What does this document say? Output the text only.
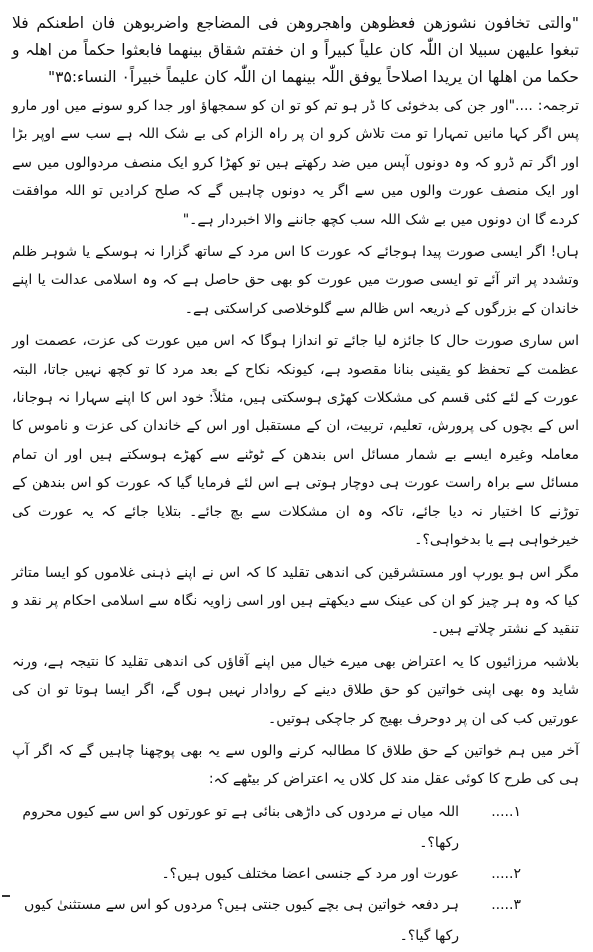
"والتی تخافون نشوزھن فعظوھن واھجروھن فی المضاجع واضربوھن فان اطعنکم فلا تبغوا علیھن سبیلا ان اللّٰہ کان علیاً کبیراً و ان خفتم شقاق بینھما فابعثوا حکماً من اھلہ و حکما من اھلھا ان یریدا اصلاحاً یوفق اللّٰہ بینھما ان اللّٰہ کان علیماً خبیراً۰ النساء:۳۵"

ترجمہ: ...."اور جن کی بدخوئی کا ڈر ہو تم کو تو ان کو سمجھاؤ اور جدا کرو سونے میں اور مارو پس اگر کہا مانیں تمہارا تو مت تلاش کرو ان پر راہ الزام کی بے شک اللہ ہے سب سے اوپر بڑا اور اگر تم ڈرو کہ وہ دونوں آپس میں ضد رکھتے ہیں تو کھڑا کرو ایک منصف مردوالوں میں سے اور ایک منصف عورت والوں میں سے اگر یہ دونوں چاہیں گے کہ صلح کرادیں تو اللہ موافقت کردے گا ان دونوں میں بے شک اللہ سب کچھ جاننے والا اخبردار ہے۔"

ہاں! اگر ایسی صورت پیدا ہوجائے کہ عورت کا اس مرد کے ساتھ گزارا نہ ہوسکے یا شوہر ظلم وتشدد پر اتر آئے تو ایسی صورت میں عورت کو بھی حق حاصل ہے کہ وہ اسلامی عدالت یا اپنے خاندان کے بزرگوں کے ذریعہ اس ظالم سے گلوخلاصی کراسکتی ہے۔

اس ساری صورت حال کا جائزہ لیا جائے تو اندازا ہوگا کہ اس میں عورت کی عزت، عصمت اور عظمت کے تحفظ کو یقینی بنانا مقصود ہے، کیونکہ نکاح کے بعد مرد کا تو کچھ نہیں جاتا، البتہ عورت کے لئے کئی قسم کی مشکلات کھڑی ہوسکتی ہیں، مثلاً: خود اس کا اپنے سہارا نہ ہوجانا، اس کے بچوں کی پرورش، تعلیم، تربیت، ان کے مستقبل اور اس کے خاندان کی عزت و ناموس کا معاملہ وغیرہ ایسے بے شمار مسائل اس بندھن کے ٹوٹنے سے کھڑے ہوسکتے ہیں اور ان تمام مسائل سے براہ راست عورت ہی دوچار ہوتی ہے اس لئے فرمایا گیا کہ عورت کو اس بندھن کے توڑنے کا اختیار نہ دیا جائے، تاکہ وہ ان مشکلات سے بچ جائے۔ بتلایا جائے کہ یہ عورت کی خیرخواہی ہے یا بدخواہی؟۔

مگر اس ہو یورپ اور مستشرقین کی اندھی تقلید کا کہ اس نے اپنے ذہنی غلاموں کو ایسا متاثر کیا کہ وہ ہر چیز کو ان کی عینک سے دیکھتے ہیں اور اسی زاویہ نگاہ سے اسلامی احکام پر نقد و تنقید کے نشتر چلاتے ہیں۔

بلاشبہ مرزائیوں کا یہ اعتراض بھی میرے خیال میں اپنے آقاؤں کی اندھی تقلید کا نتیجہ ہے، ورنہ شاید وہ بھی اپنی خواتین کو حق طلاق دینے کے روادار نہیں ہوں گے، اگر ایسا ہوتا تو ان کی عورتیں کب کی ان پر دوحرف بھیج کر جاچکی ہوتیں۔

آخر میں ہم خواتین کے حق طلاق کا مطالبہ کرنے والوں سے یہ بھی پوچھنا چاہیں گے کہ اگر آپ ہی کی طرح کا کوئی عقل مند کل کلاں یہ اعتراض کر بیٹھے کہ:

۱.....
اللہ میاں نے مردوں کی داڑھی بنائی ہے تو عورتوں کو اس سے کیوں محروم رکھا؟۔
۲.....
عورت اور مرد کے جنسی اعضا مختلف کیوں ہیں؟۔
۳.....
ہر دفعہ خواتین ہی بچے کیوں جنتی ہیں؟ مردوں کو اس سے مستثنیٰ کیوں رکھا گیا؟۔
